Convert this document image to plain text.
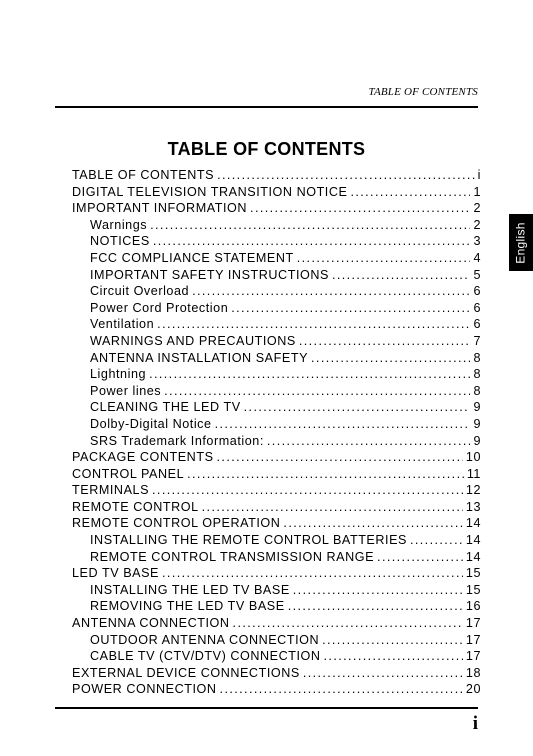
TABLE OF CONTENTS
TABLE OF CONTENTS
TABLE OF CONTENTS .....	i
DIGITAL TELEVISION TRANSITION NOTICE .....	1
IMPORTANT INFORMATION .....	2
Warnings .....	2
NOTICES .....	3
FCC COMPLIANCE STATEMENT .....	4
IMPORTANT SAFETY INSTRUCTIONS .....	5
Circuit Overload .....	6
Power Cord Protection .....	6
Ventilation .....	6
WARNINGS AND PRECAUTIONS .....	7
ANTENNA INSTALLATION SAFETY .....	8
Lightning .....	8
Power lines .....	8
CLEANING THE LED TV .....	9
Dolby-Digital Notice .....	9
SRS Trademark Information: .....	9
PACKAGE CONTENTS .....	10
CONTROL PANEL .....	11
TERMINALS .....	12
REMOTE CONTROL .....	13
REMOTE CONTROL OPERATION .....	14
INSTALLING THE REMOTE CONTROL BATTERIES .....	14
REMOTE CONTROL TRANSMISSION RANGE .....	14
LED TV BASE .....	15
INSTALLING THE LED TV BASE .....	15
REMOVING THE LED TV BASE .....	16
ANTENNA CONNECTION .....	17
OUTDOOR ANTENNA CONNECTION .....	17
CABLE TV (CTV/DTV) CONNECTION .....	17
EXTERNAL DEVICE CONNECTIONS .....	18
POWER CONNECTION .....	20
English
i
